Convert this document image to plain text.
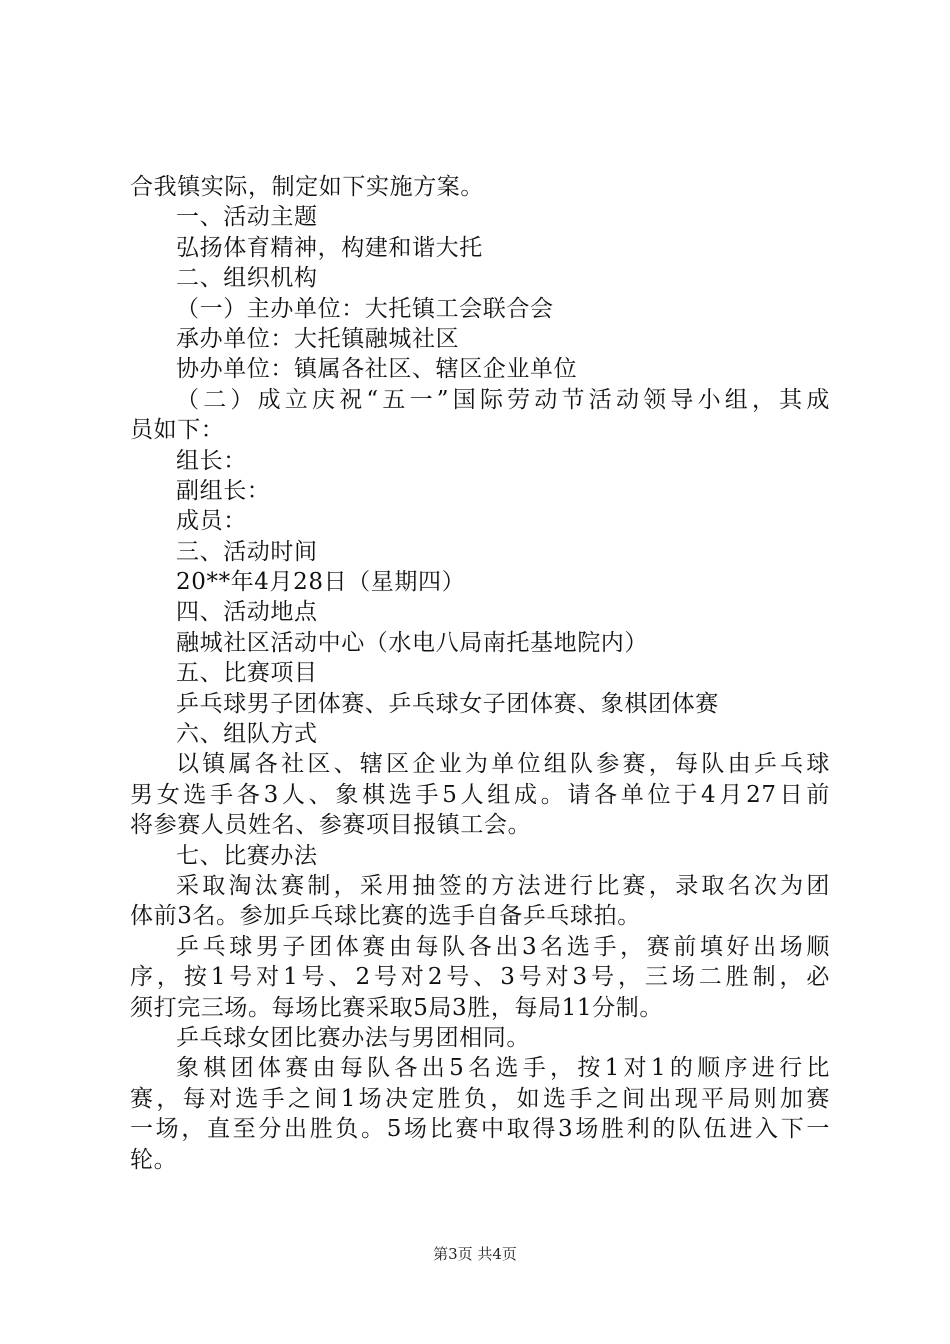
合我镇实际，制定如下实施方案。
一、活动主题
弘扬体育精神，构建和谐大托
二、组织机构
（一）主办单位：大托镇工会联合会
承办单位：大托镇融城社区
协办单位：镇属各社区、辖区企业单位
（二）成立庆祝“五一”国际劳动节活动领导小组，其成
员如下：
组长：
副组长：
成员：
三、活动时间
20**年4月28日（星期四）
四、活动地点
融城社区活动中心（水电八局南托基地院内）
五、比赛项目
乒乓球男子团体赛、乒乓球女子团体赛、象棋团体赛
六、组队方式
以镇属各社区、辖区企业为单位组队参赛，每队由乒乓球
男女选手各3人、象棋选手5人组成。请各单位于4月27日前
将参赛人员姓名、参赛项目报镇工会。
七、比赛办法
采取淘汰赛制，采用抽签的方法进行比赛，录取名次为团
体前3名。参加乒乓球比赛的选手自备乒乓球拍。
乒乓球男子团体赛由每队各出3名选手，赛前填好出场顺
序，按1号对1号、2号对2号、3号对3号，三场二胜制，必
须打完三场。每场比赛采取5局3胜，每局11分制。
乒乓球女团比赛办法与男团相同。
象棋团体赛由每队各出5名选手，按1对1的顺序进行比
赛，每对选手之间1场决定胜负，如选手之间出现平局则加赛
一场，直至分出胜负。5场比赛中取得3场胜利的队伍进入下一
轮。
第3页 共4页
